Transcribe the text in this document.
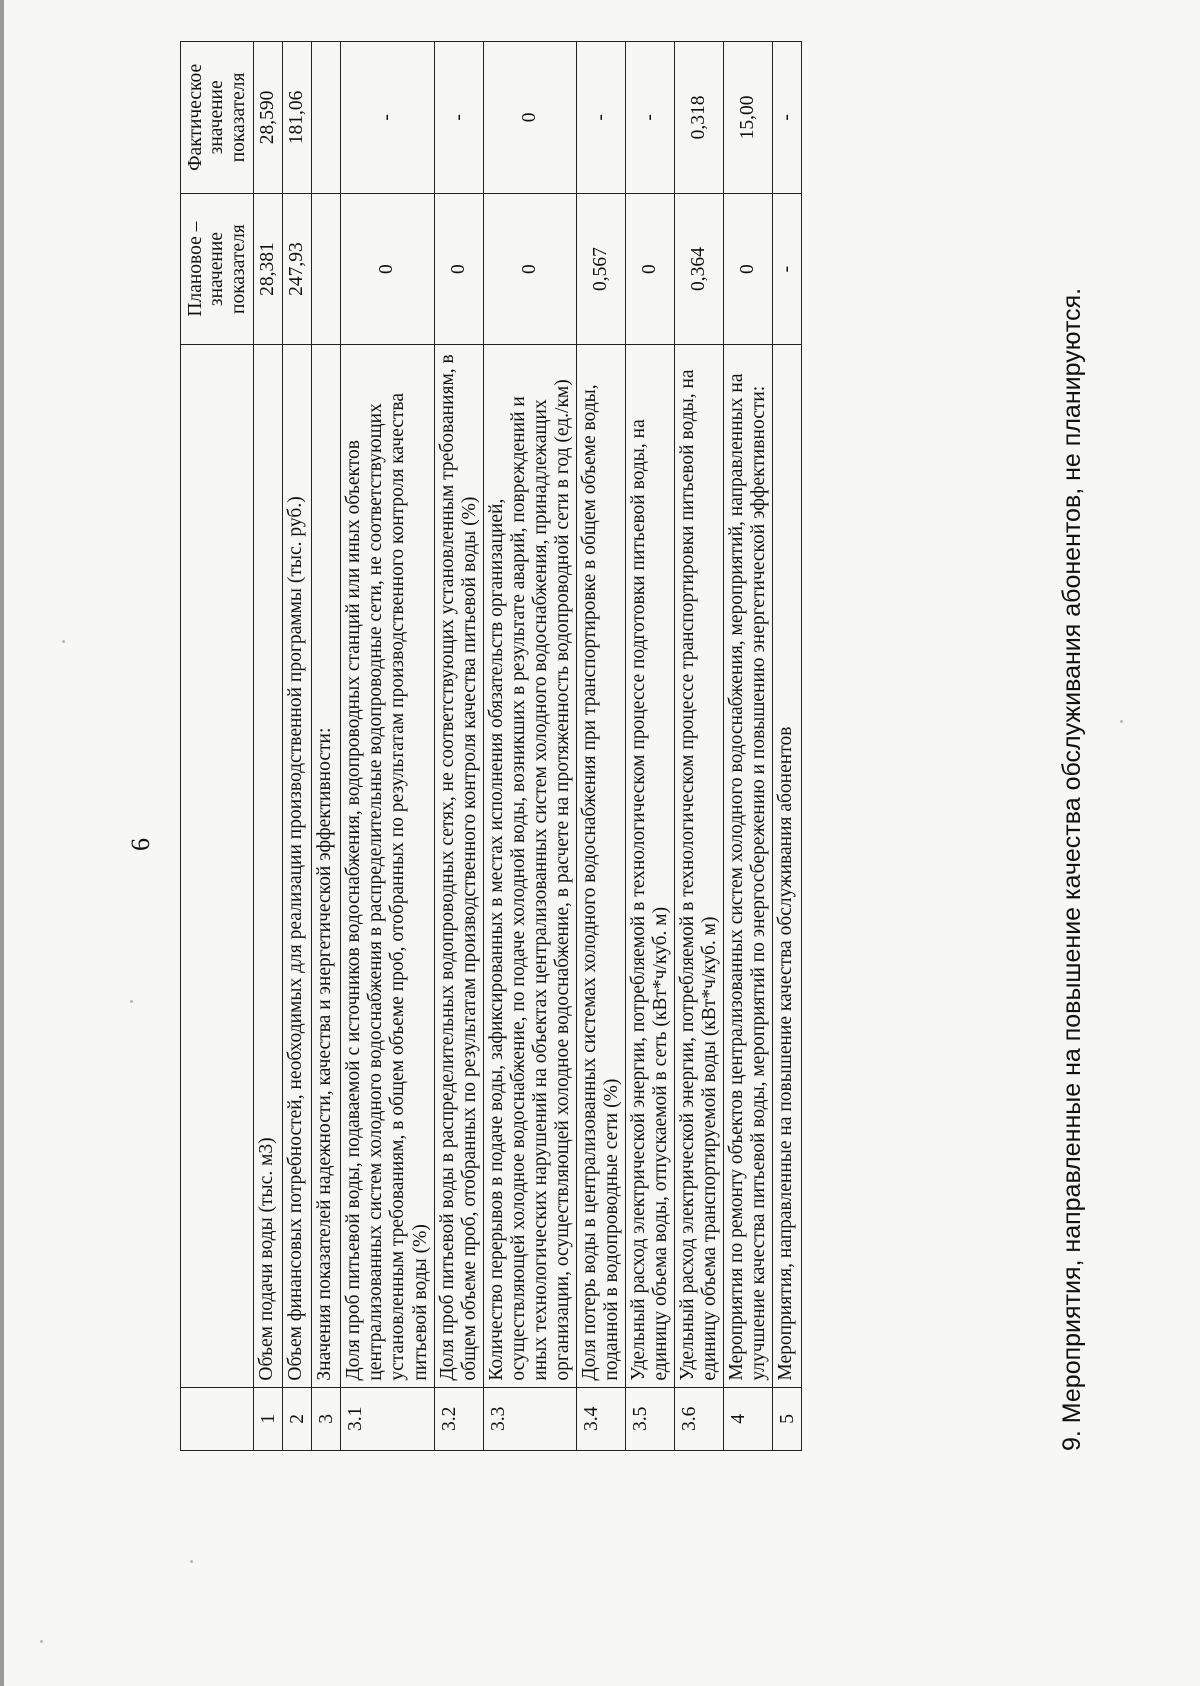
6

		Плановое – значение показателя	Фактическое значение показателя

1	Объем подачи воды (тыс. м3)	28,381	28,590
2	Объем финансовых потребностей, необходимых для реализации производственной программы (тыс. руб.)	247,93	181,06
3	Значения показателей надежности, качества и энергетической эффективности:		
3.1	Доля проб питьевой воды, подаваемой с источников водоснабжения, водопроводных станций или иных объектов централизованных систем холодного водоснабжения в распределительные водопроводные сети, не соответствующих установленным требованиям, в общем объеме проб, отобранных по результатам производственного контроля качества питьевой воды (%)	0	-
3.2	Доля проб питьевой воды в распределительных водопроводных сетях, не соответствующих установленным требованиям, в общем объеме проб, отобранных по результатам производственного контроля качества питьевой воды (%)	0	-
3.3	Количество перерывов в подаче воды, зафиксированных в местах исполнения обязательств организацией, осуществляющей холодное водоснабжение, по подаче холодной воды, возникших в результате аварий, повреждений и иных технологических нарушений на объектах централизованных систем холодного водоснабжения, принадлежащих организации, осуществляющей холодное водоснабжение, в расчете на протяженность водопроводной сети в год (ед./км)	0	0
3.4	Доля потерь воды в централизованных системах холодного водоснабжения при транспортировке в общем объеме воды, поданной в водопроводные сети (%)	0,567	-
3.5	Удельный расход электрической энергии, потребляемой в технологическом процессе подготовки питьевой воды, на единицу объема воды, отпускаемой в сеть (кВт*ч/куб. м)	0	-
3.6	Удельный расход электрической энергии, потребляемой в технологическом процессе транспортировки питьевой воды, на единицу объема транспортируемой воды (кВт*ч/куб. м)	0,364	0,318
4	Мероприятия по ремонту объектов централизованных систем холодного водоснабжения, мероприятий, направленных на улучшение качества питьевой воды, мероприятий по энергосбережению и повышению энергетической эффективности:	0	15,00
5	Мероприятия, направленные на повышение качества обслуживания абонентов	-	-
9. Мероприятия, направленные на повышение качества обслуживания абонентов, не планируются.
